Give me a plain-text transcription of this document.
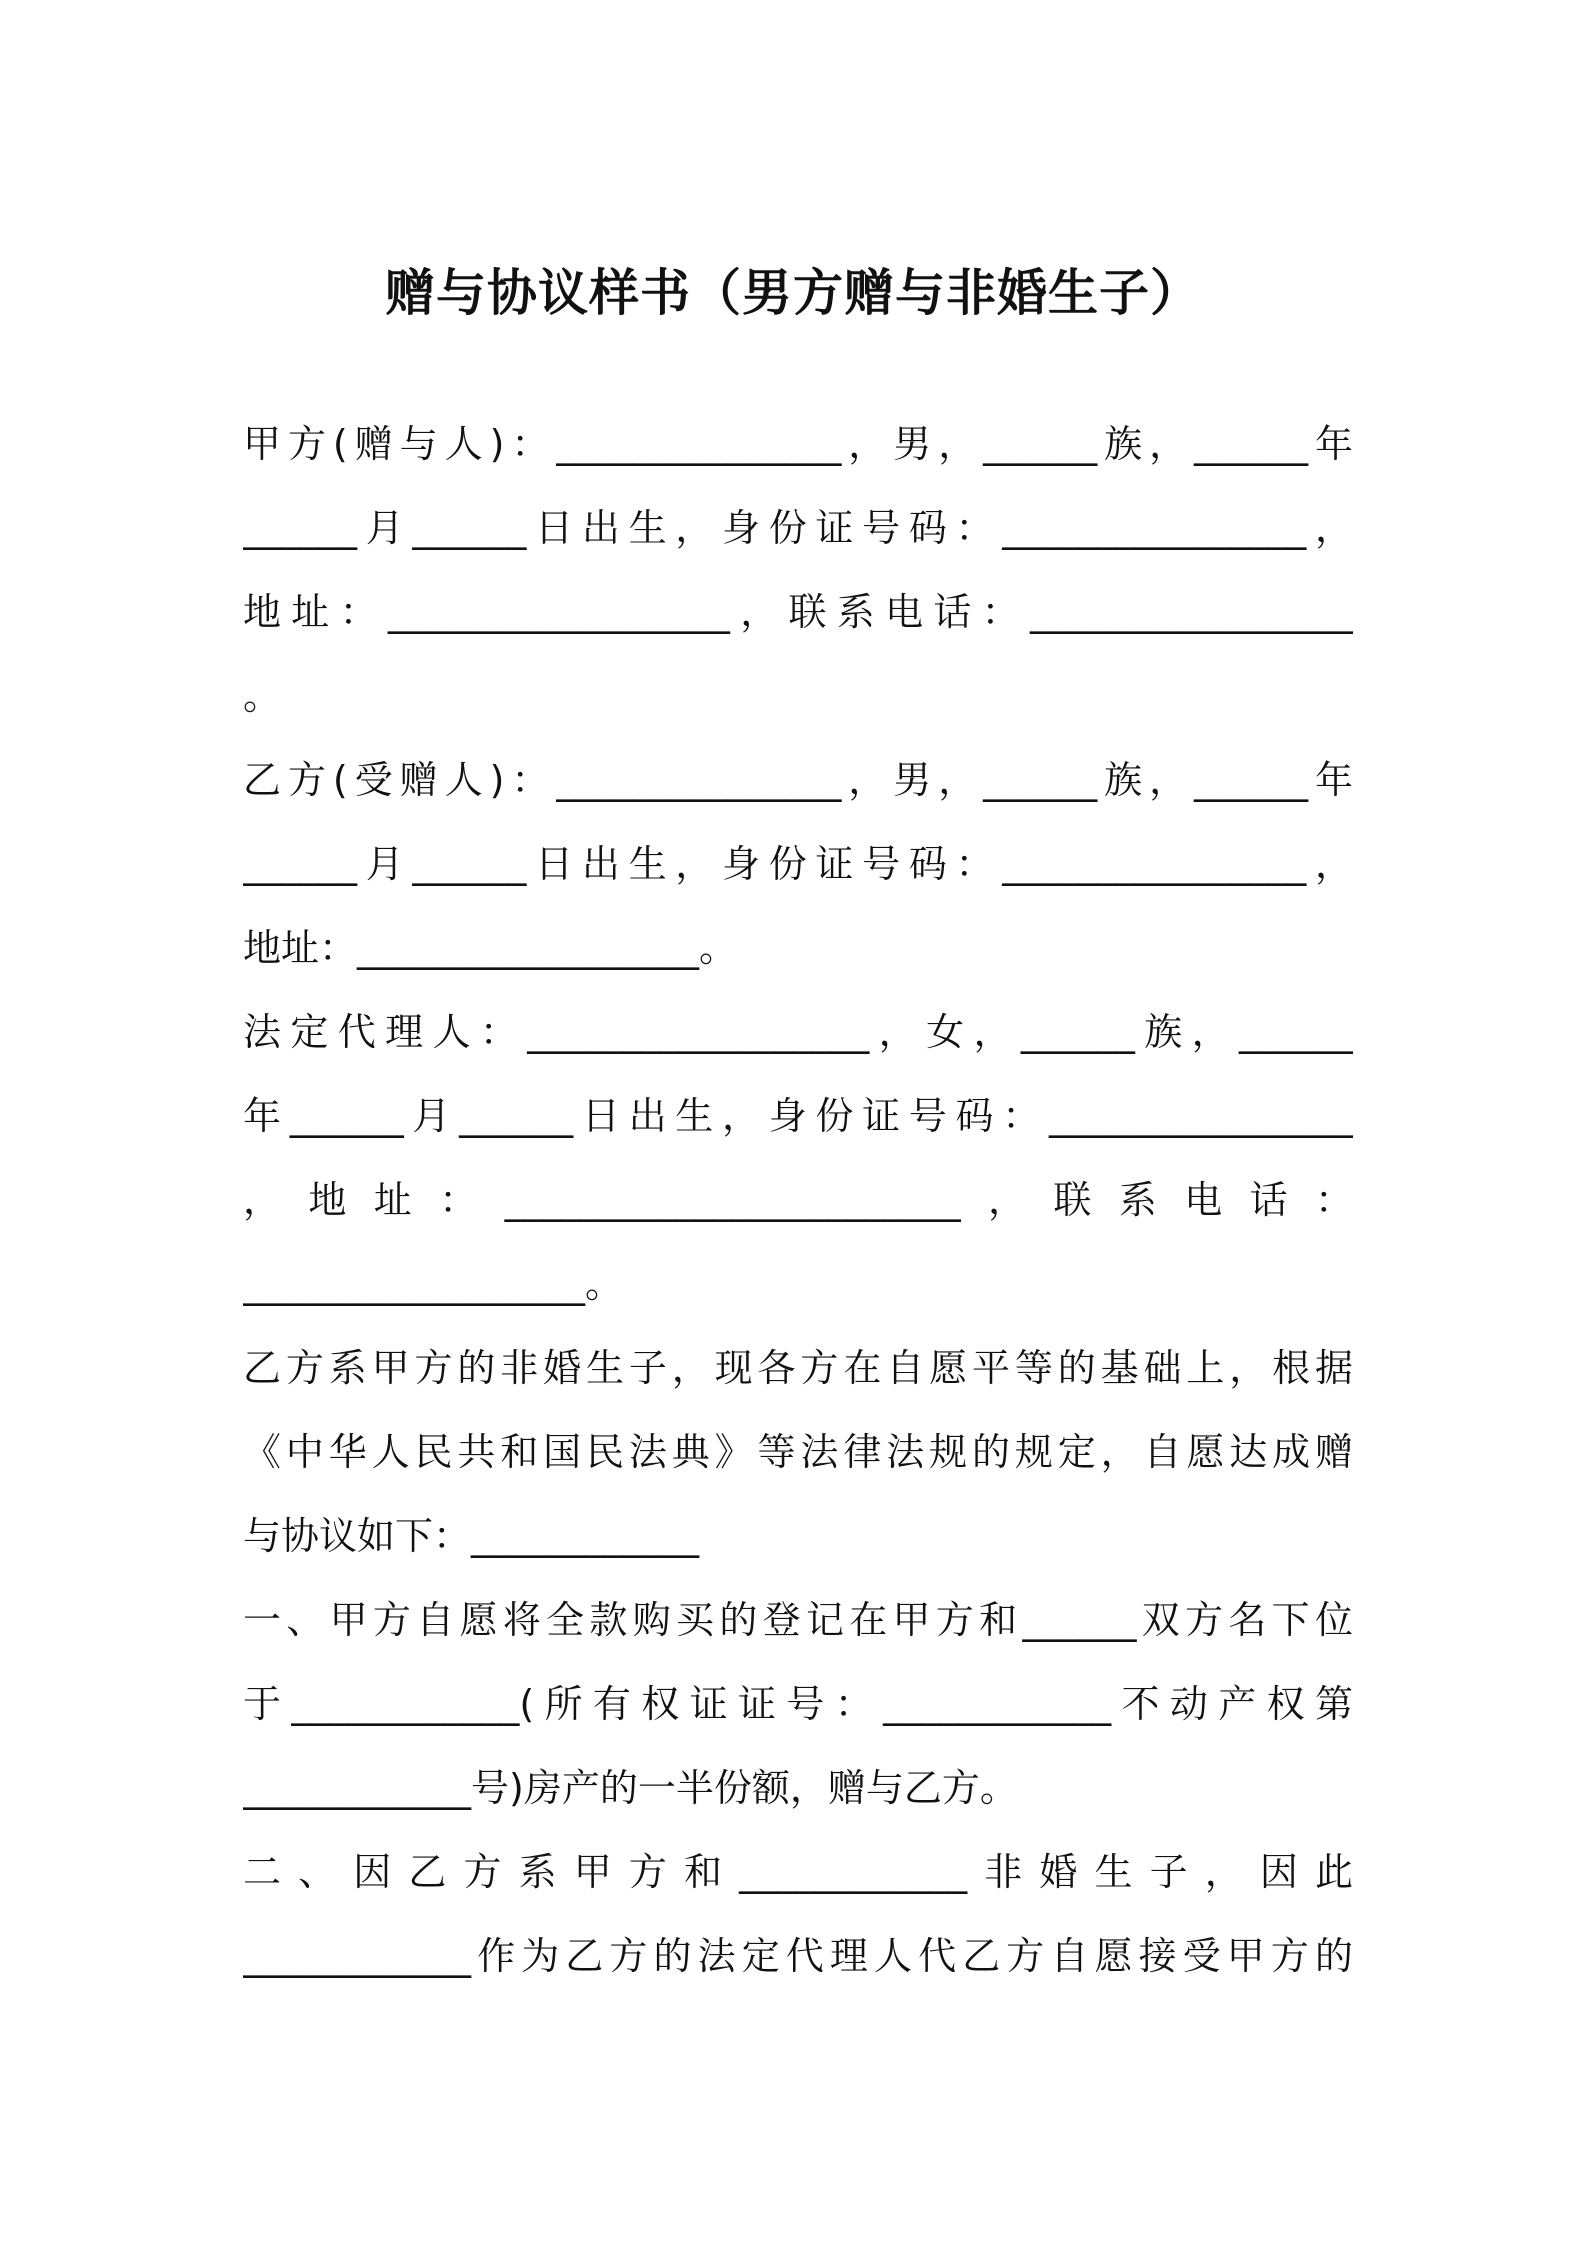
赠与协议样书（男方赠与非婚生子）
甲方(赠与人)：_______________，男，______族，______年
______月______日出生，身份证号码：________________，
地址：__________________，联系电话：_________________
。
乙方(受赠人)：_______________，男，______族，______年
______月______日出生，身份证号码：________________，
地址：__________________。
法定代理人：__________________，女，______族，______
年______月______日出生，身份证号码：________________
，地址：________________________，联系电话：
__________________。
乙方系甲方的非婚生子，现各方在自愿平等的基础上，根据
《中华人民共和国民法典》等法律法规的规定，自愿达成赠
与协议如下：____________
一、甲方自愿将全款购买的登记在甲方和______双方名下位
于____________(所有权证证号：____________不动产权第
____________号)房产的一半份额，赠与乙方。
二、因乙方系甲方和____________非婚生子，因此
____________作为乙方的法定代理人代乙方自愿接受甲方的
